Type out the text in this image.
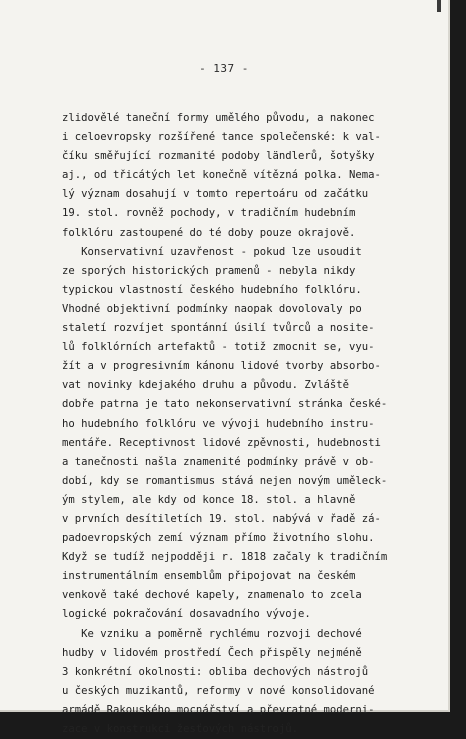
- 137 -
zlidovělé taneční formy umělého původu, a nakonec
i celoevropsky rozšířené tance společenské: k val-
číku směřující rozmanité podoby ländlerů, šotyšky
aj., od třicátých let konečně vítězná polka. Nema-
lý význam dosahují v tomto repertoáru od začátku
19. stol. rovněž pochody, v tradičním hudebním
folklóru zastoupené do té doby pouze okrajově.
Konservativní uzavřenost - pokud lze usoudit
ze sporých historických pramenů - nebyla nikdy
typickou vlastností českého hudebního folklóru.
Vhodné objektivní podmínky naopak dovolovaly po
staletí rozvíjet spontánní úsilí tvůrců a nosite-
lů folklórních artefaktů - totiž zmocnit se, vyu-
žít a v progresivním kánonu lidové tvorby absorbo-
vat novinky kdejakého druhu a původu. Zvláště
dobře patrna je tato nekonservativní stránka české-
ho hudebního folklóru ve vývoji hudebního instru-
mentáře. Receptivnost lidové zpěvnosti, hudebnosti
a tanečnosti našla znamenité podmínky právě v ob-
dobí, kdy se romantismus stává nejen novým uměleck-
ým stylem, ale kdy od konce 18. stol. a hlavně
v prvních desítiletích 19. stol. nabývá v řadě zá-
padoevropských zemí význam přímo životního slohu.
Když se tudíž nejpodději r. 1818 začaly k tradičním
instrumentálním ensemblům připojovat na českém
venkově také dechové kapely, znamenalo to zcela
logické pokračování dosavadního vývoje.
Ke vzniku a poměrně rychlému rozvoji dechové
hudby v lidovém prostředí Čech přispěly nejméně
3 konkrétní okolnosti: obliba dechových nástrojů
u českých muzikantů, reformy v nové konsolidované
armádě Rakouského mocnářství a převratné moderni-
zace v konstrukci žesťových nástrojů.
